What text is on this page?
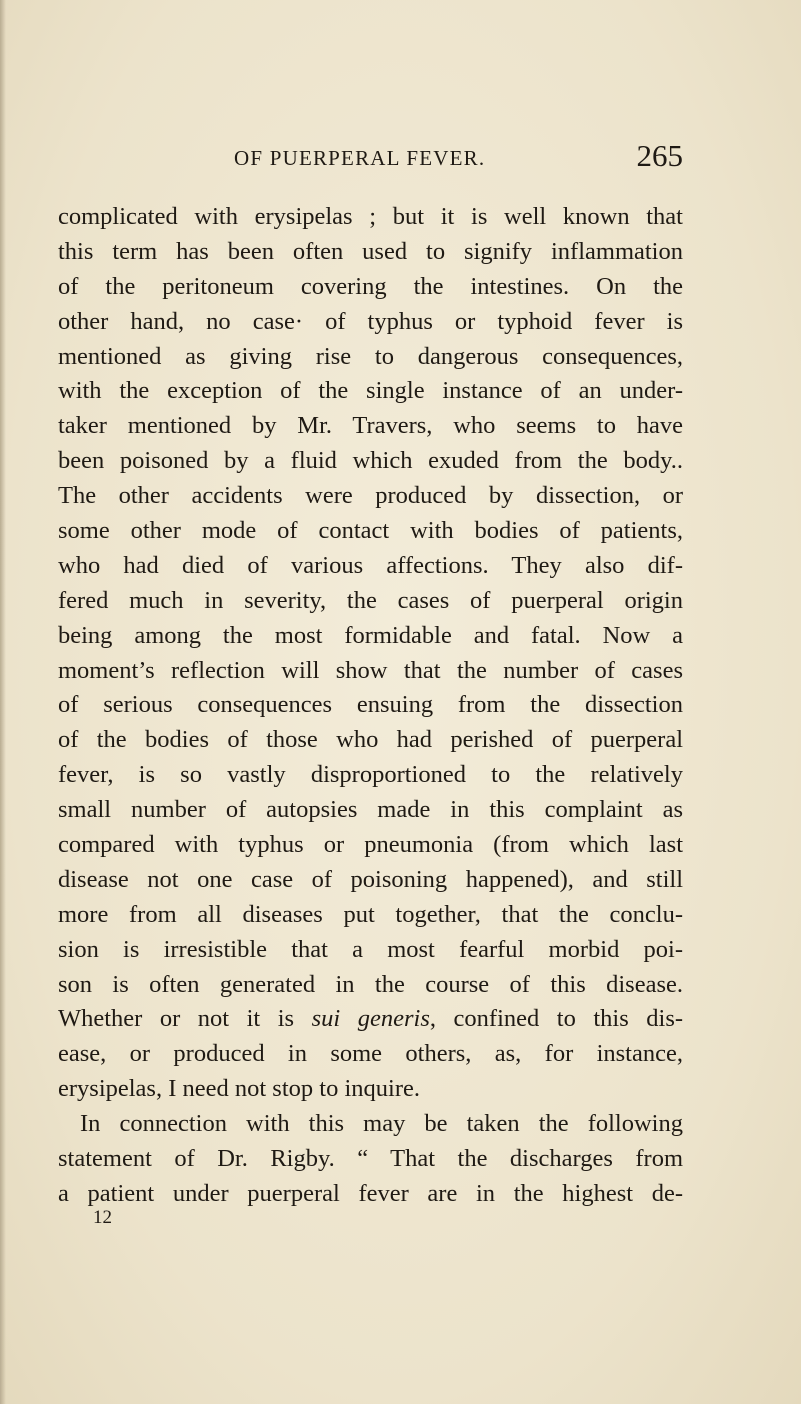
OF PUERPERAL FEVER.	265
complicated with erysipelas ; but it is well known that
this term has been often used to signify inflammation
of the peritoneum covering the intestines. On the
other hand, no case· of typhus or typhoid fever is
mentioned as giving rise to dangerous consequences,
with the exception of the single instance of an under-
taker mentioned by Mr. Travers, who seems to have
been poisoned by a fluid which exuded from the body..
The other accidents were produced by dissection, or
some other mode of contact with bodies of patients,
who had died of various affections. They also dif-
fered much in severity, the cases of puerperal origin
being among the most formidable and fatal. Now a
moment’s reflection will show that the number of cases
of serious consequences ensuing from the dissection
of the bodies of those who had perished of puerperal
fever, is so vastly disproportioned to the relatively
small number of autopsies made in this complaint as
compared with typhus or pneumonia (from which last
disease not one case of poisoning happened), and still
more from all diseases put together, that the conclu-
sion is irresistible that a most fearful morbid poi-
son is often generated in the course of this disease.
Whether or not it is sui generis, confined to this dis-
ease, or produced in some others, as, for instance,
erysipelas, I need not stop to inquire.
In connection with this may be taken the following
statement of Dr. Rigby. “ That the discharges from
a patient under puerperal fever are in the highest de-
12
